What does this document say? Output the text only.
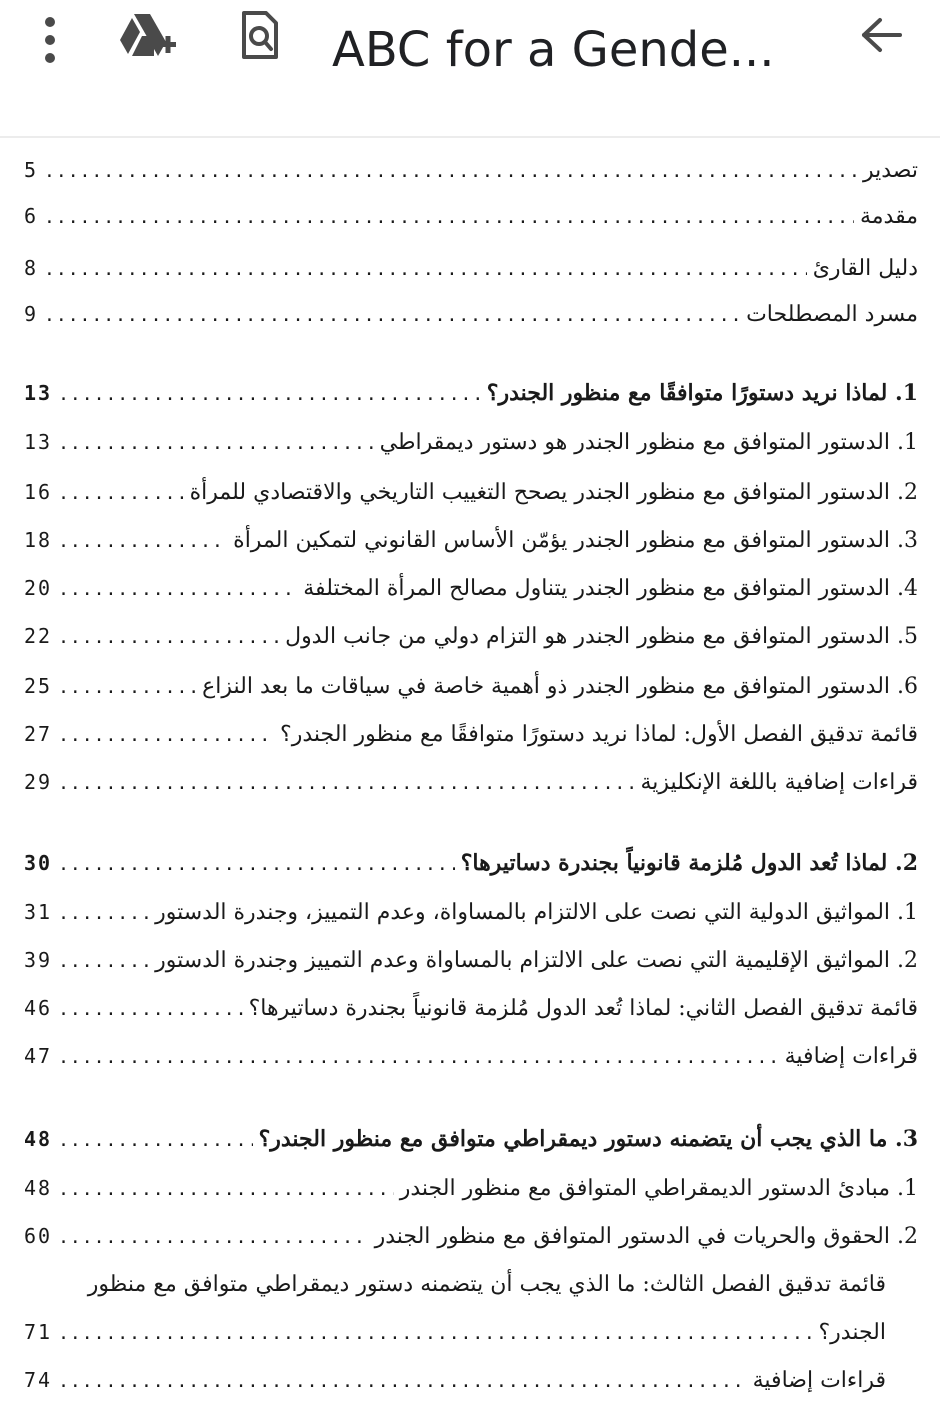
ABC for a Gende...
تصدير
.....
5
مقدمة
.....
6
دليل القارئ
.....
8
مسرد المصطلحات
.....
9
1. لماذا نريد دستورًا متوافقًا مع منظور الجندر؟
.....
13
1. الدستور المتوافق مع منظور الجندر هو دستور ديمقراطي
.....
13
2. الدستور المتوافق مع منظور الجندر يصحح التغييب التاريخي والاقتصادي للمرأة
.....
16
3. الدستور المتوافق مع منظور الجندر يؤمّن الأساس القانوني لتمكين المرأة
.....
18
4. الدستور المتوافق مع منظور الجندر يتناول مصالح المرأة المختلفة
.....
20
5. الدستور المتوافق مع منظور الجندر هو التزام دولي من جانب الدول
.....
22
6. الدستور المتوافق مع منظور الجندر ذو أهمية خاصة في سياقات ما بعد النزاع
.....
25
قائمة تدقيق الفصل الأول: لماذا نريد دستورًا متوافقًا مع منظور الجندر؟
.....
27
قراءات إضافية باللغة الإنكليزية
.....
29
2. لماذا تُعد الدول مُلزمة قانونياً بجندرة دساتيرها؟
.....
30
1. المواثيق الدولية التي نصت على الالتزام بالمساواة، وعدم التمييز، وجندرة الدستور
.....
31
2. المواثيق الإقليمية التي نصت على الالتزام بالمساواة وعدم التمييز وجندرة الدستور
.....
39
قائمة تدقيق الفصل الثاني: لماذا تُعد الدول مُلزمة قانونياً بجندرة دساتيرها؟
.....
46
قراءات إضافية
.....
47
3. ما الذي يجب أن يتضمنه دستور ديمقراطي متوافق مع منظور الجندر؟
.....
48
1. مبادئ الدستور الديمقراطي المتوافق مع منظور الجندر
.....
48
2. الحقوق والحريات في الدستور المتوافق مع منظور الجندر
.....
60
قائمة تدقيق الفصل الثالث: ما الذي يجب أن يتضمنه دستور ديمقراطي متوافق مع منظور
الجندر؟
.....
71
قراءات إضافية
.....
74
